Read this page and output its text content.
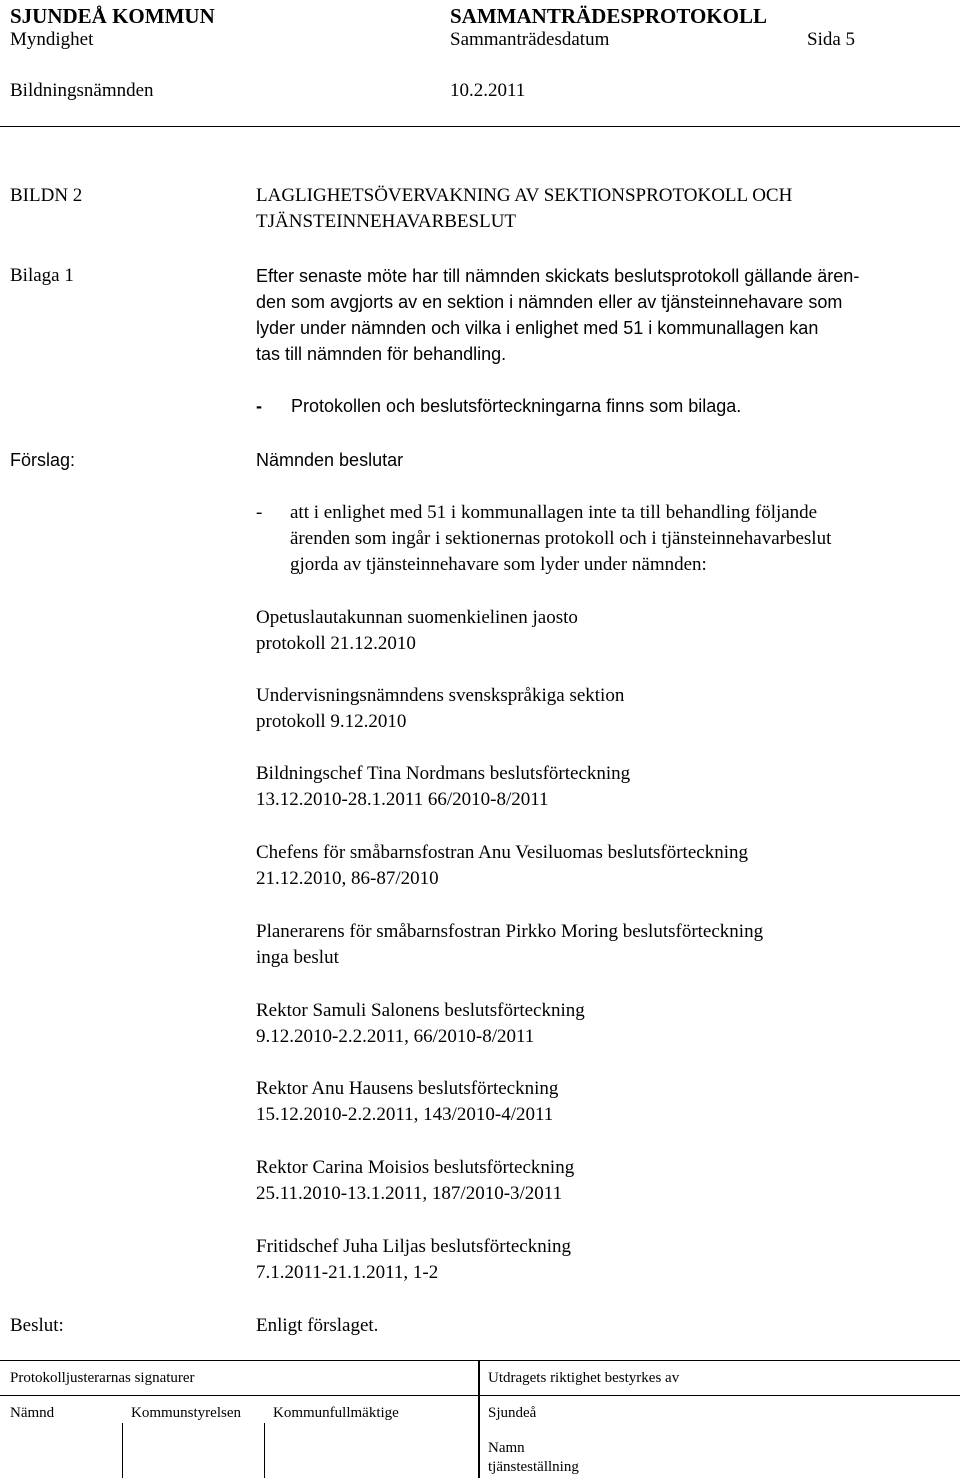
SJUNDEÅ KOMMUN	SAMMANTRÄDESPROTOKOLL
Myndighet	Sammanträdesdatum	Sida 5
Bildningsnämnden	10.2.2011
BILDN 2	LAGLIGHETSÖVERVAKNING AV SEKTIONSPROTOKOLL OCH
TJÄNSTEINNEHAVARBESLUT
Bilaga 1	Efter senaste möte har till nämnden skickats beslutsprotokoll gällande ären-
den som avgjorts av en sektion i nämnden eller av tjänsteinnehavare som
lyder under nämnden och vilka i enlighet med 51 i kommunallagen kan
tas till nämnden för behandling.
- Protokollen och beslutsförteckningarna finns som bilaga.
Förslag:	Nämnden beslutar
- att i enlighet med 51 i kommunallagen inte ta till behandling följande
ärenden som ingår i sektionernas protokoll och i tjänsteinnehavarbeslut
gjorda av tjänsteinnehavare som lyder under nämnden:
Opetuslautakunnan suomenkielinen jaosto
protokoll 21.12.2010
Undervisningsnämndens svenskspråkiga sektion
protokoll 9.12.2010
Bildningschef Tina Nordmans beslutsförteckning
13.12.2010-28.1.2011 66/2010-8/2011
Chefens för småbarnsfostran Anu Vesiluomas beslutsförteckning
21.12.2010, 86-87/2010
Planerarens för småbarnsfostran Pirkko Moring beslutsförteckning
inga beslut
Rektor Samuli Salonens beslutsförteckning
9.12.2010-2.2.2011, 66/2010-8/2011
Rektor Anu Hausens beslutsförteckning
15.12.2010-2.2.2011, 143/2010-4/2011
Rektor Carina Moisios beslutsförteckning
25.11.2010-13.1.2011, 187/2010-3/2011
Fritidschef Juha Liljas beslutsförteckning
7.1.2011-21.1.2011, 1-2
Beslut:	Enligt förslaget.
Protokolljusterarnas signaturer	Utdragets riktighet bestyrkes av
Nämnd	Kommunstyrelsen Kommunfullmäktige	Sjundeå
Namn
tjänsteställning
